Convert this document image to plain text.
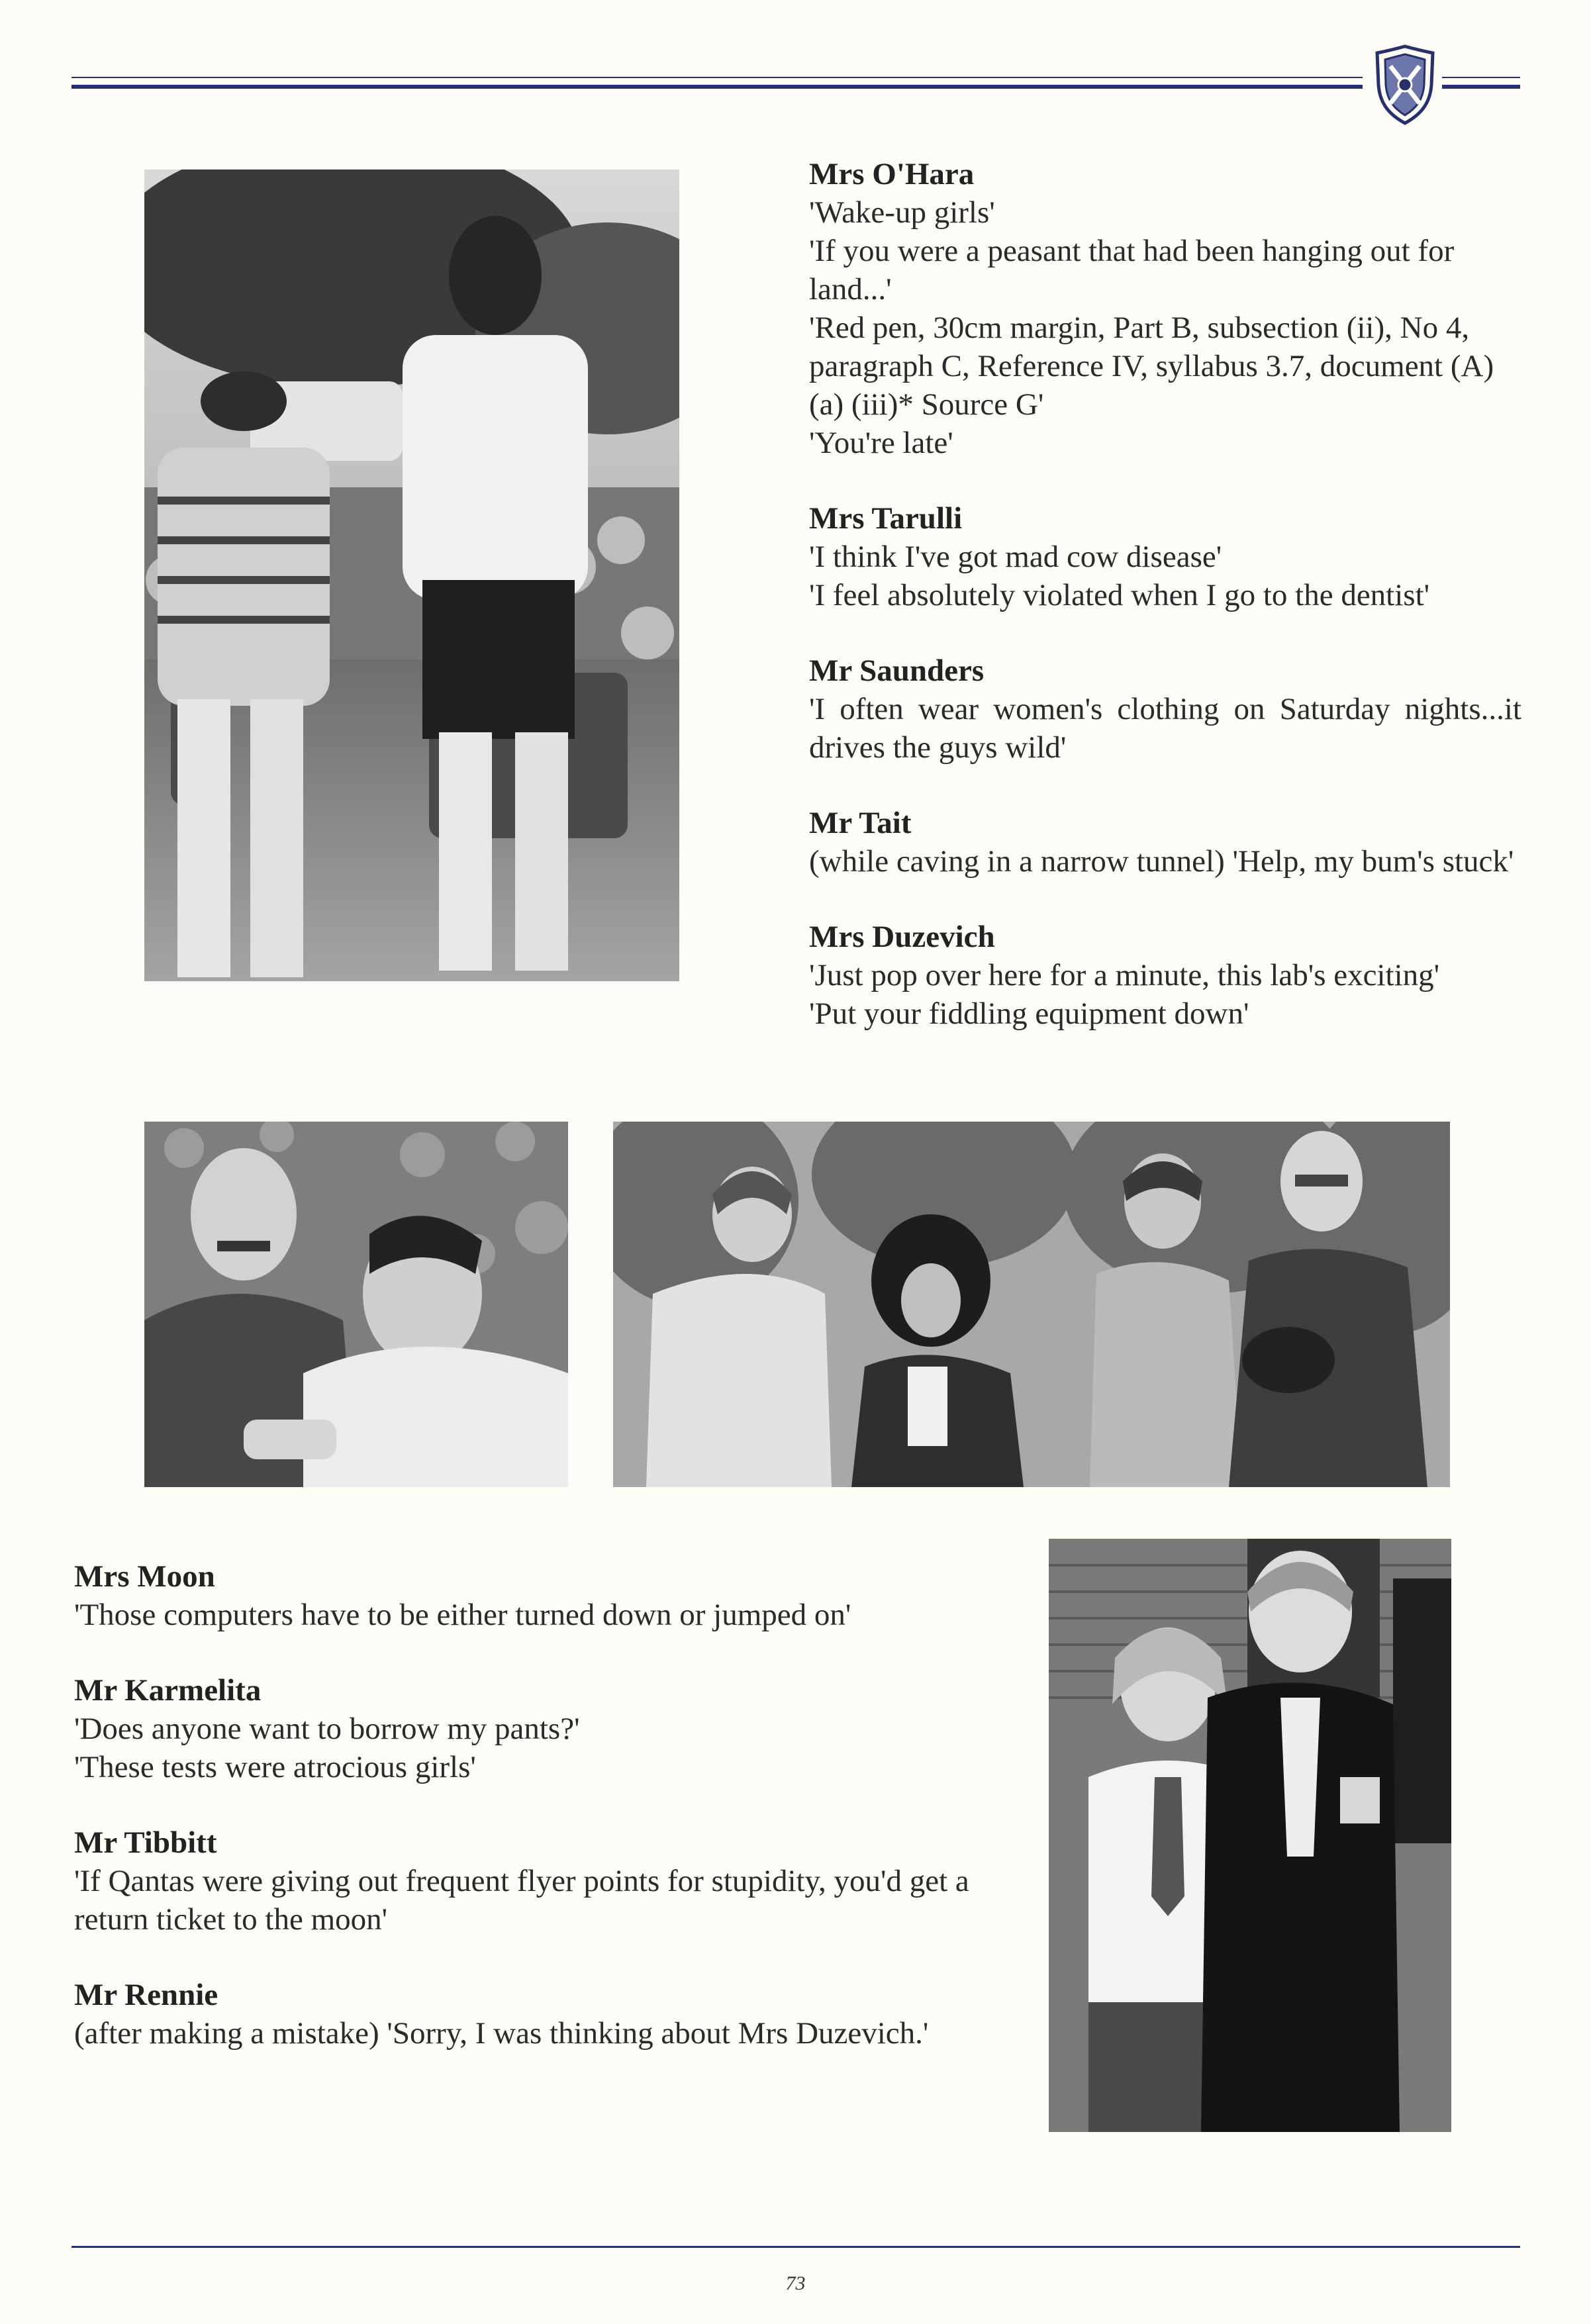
Mrs O'Hara
'Wake-up girls'
'If you were a peasant that had been hanging out for land...'
'Red pen, 30cm margin, Part B, subsection (ii), No 4, paragraph C, Reference IV, syllabus 3.7, document (A) (a) (iii)* Source G'
'You're late'
Mrs Tarulli
'I think I've got mad cow disease'
'I feel absolutely violated when I go to the dentist'
Mr Saunders
'I often wear women's clothing on Saturday nights...it drives the guys wild'
Mr Tait
(while caving in a narrow tunnel) 'Help, my bum's stuck'
Mrs Duzevich
'Just pop over here for a minute, this lab's exciting'
'Put your fiddling equipment down'
Mrs Moon
'Those computers have to be either turned down or jumped on'
Mr Karmelita
'Does anyone want to borrow my pants?'
'These tests were atrocious girls'
Mr Tibbitt
'If Qantas were giving out frequent flyer points for stupidity, you'd get a return ticket to the moon'
Mr Rennie
(after making a mistake) 'Sorry, I was thinking about Mrs Duzevich.'
73
